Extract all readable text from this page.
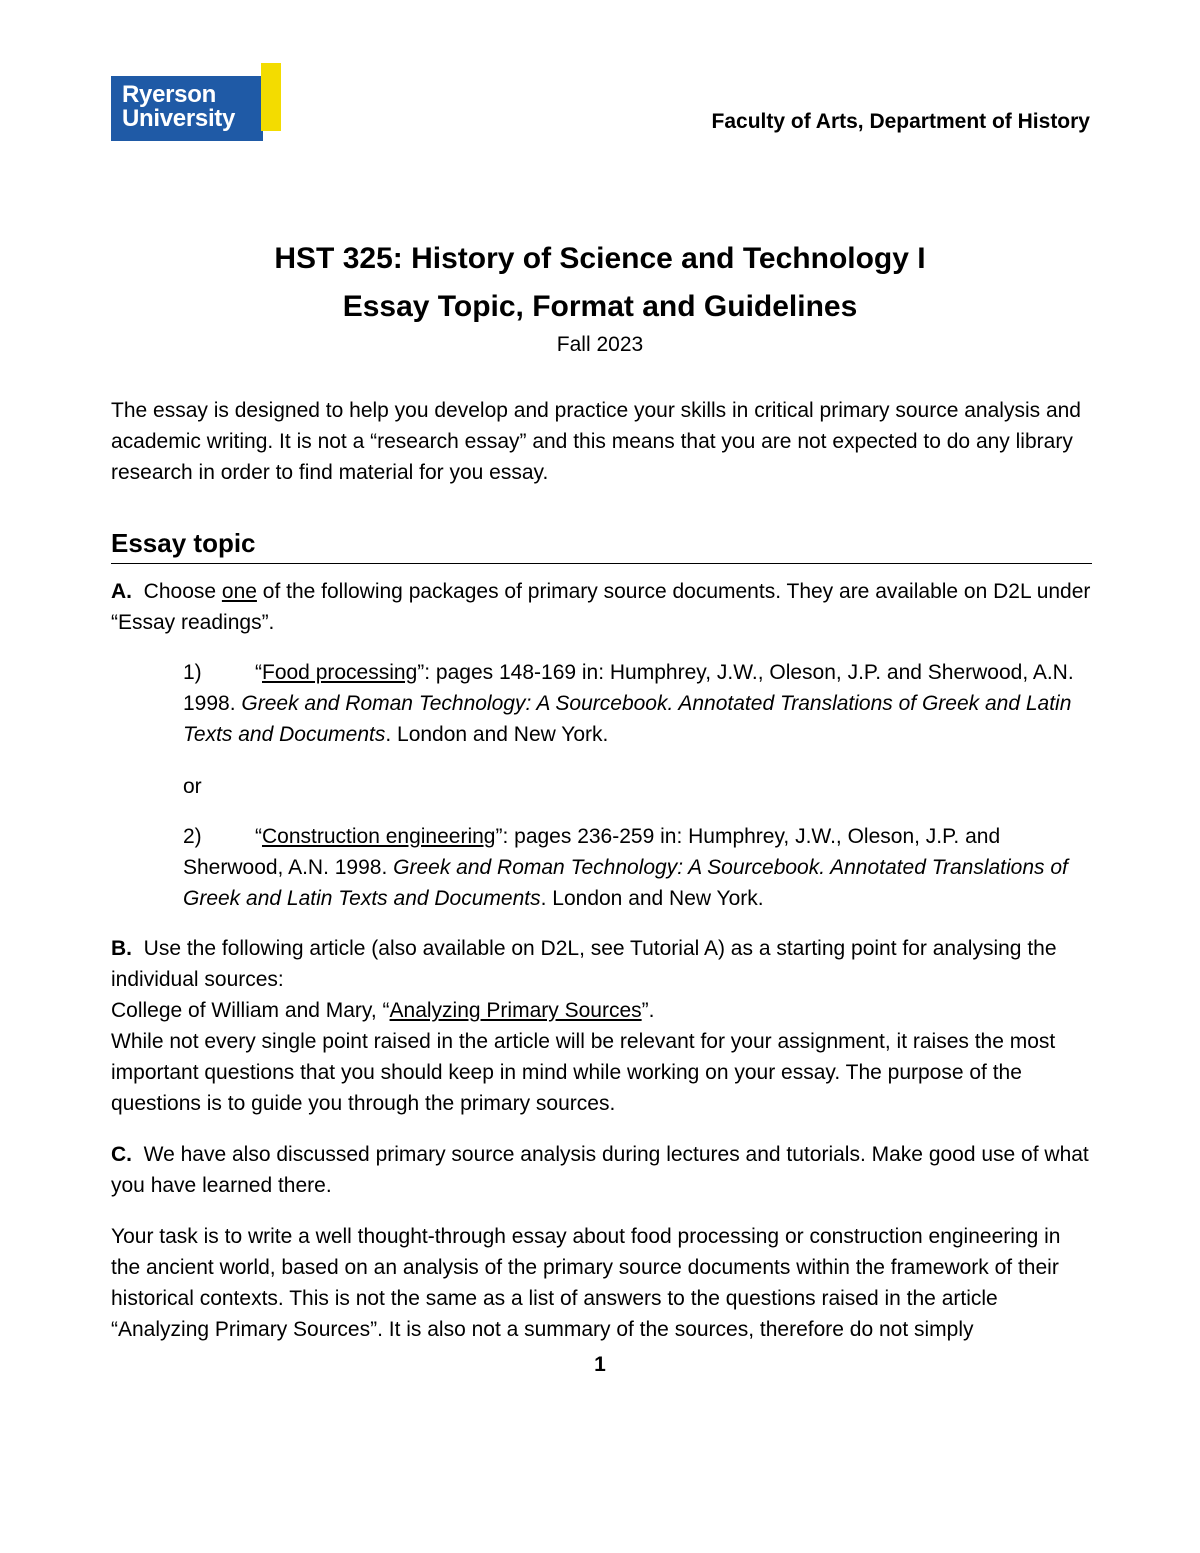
Ryerson
University	Faculty of Arts, Department of History
HST 325: History of Science and Technology I
Essay Topic, Format and Guidelines
Fall 2023
The essay is designed to help you develop and practice your skills in critical primary source analysis and academic writing. It is not a “research essay” and this means that you are not expected to do any library research in order to find material for you essay.
Essay topic
A. Choose one of the following packages of primary source documents. They are available on D2L under “Essay readings”.
1)	“Food processing”: pages 148-169 in: Humphrey, J.W., Oleson, J.P. and Sherwood, A.N. 1998. Greek and Roman Technology: A Sourcebook. Annotated Translations of Greek and Latin Texts and Documents. London and New York.
or
2)	“Construction engineering”: pages 236-259 in: Humphrey, J.W., Oleson, J.P. and Sherwood, A.N. 1998. Greek and Roman Technology: A Sourcebook. Annotated Translations of Greek and Latin Texts and Documents. London and New York.
B. Use the following article (also available on D2L, see Tutorial A) as a starting point for analysing the individual sources:
College of William and Mary, “Analyzing Primary Sources”.
While not every single point raised in the article will be relevant for your assignment, it raises the most important questions that you should keep in mind while working on your essay. The purpose of the questions is to guide you through the primary sources.
C. We have also discussed primary source analysis during lectures and tutorials. Make good use of what you have learned there.
Your task is to write a well thought-through essay about food processing or construction engineering in the ancient world, based on an analysis of the primary source documents within the framework of their historical contexts. This is not the same as a list of answers to the questions raised in the article “Analyzing Primary Sources”. It is also not a summary of the sources, therefore do not simply
1
